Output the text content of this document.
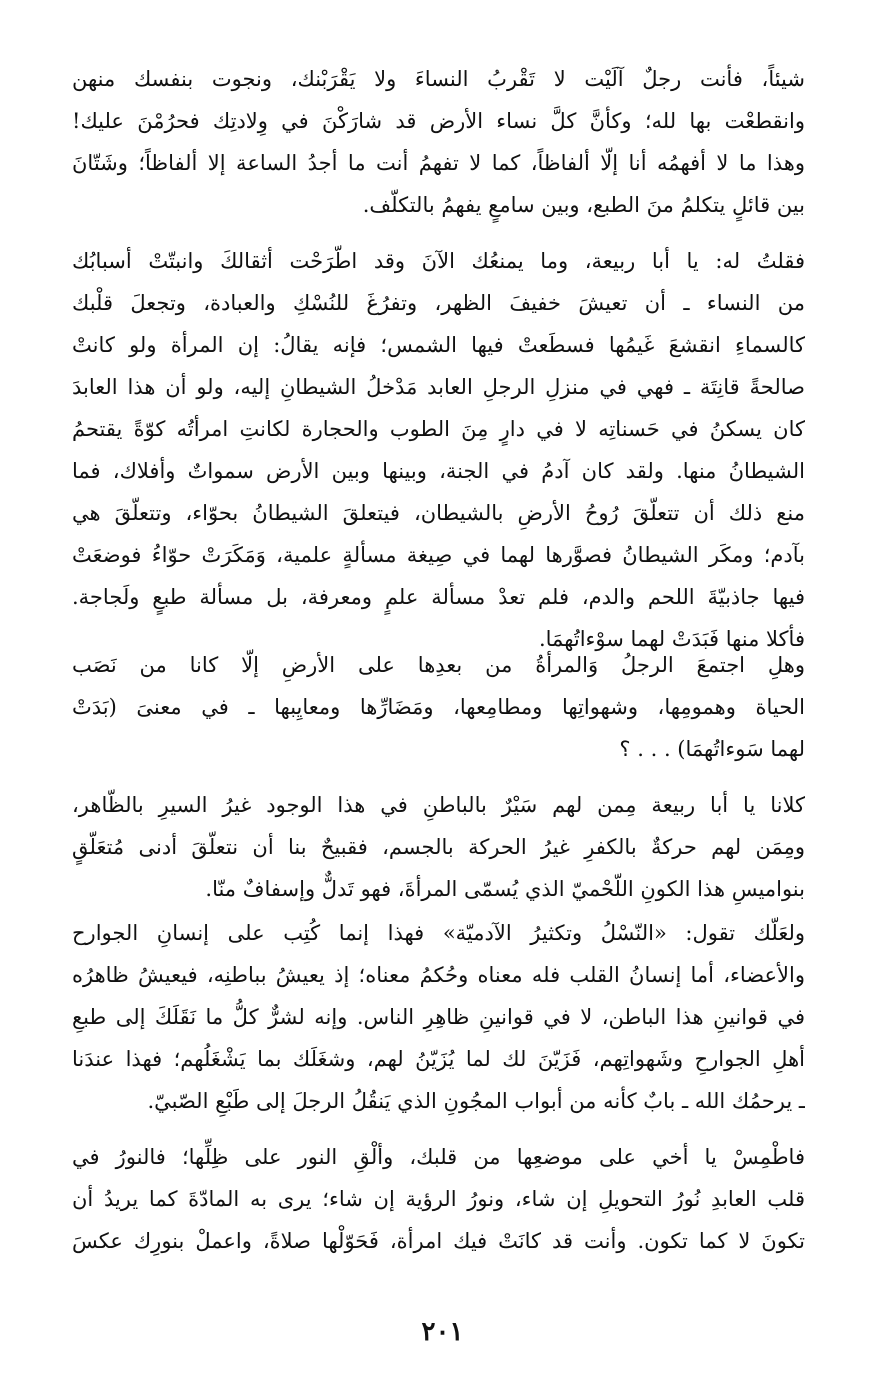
شيئاً، فأنت رجلٌ آلَيْت لا تَقْربُ النساءَ ولا يَقْرَبْنك، ونجوت بنفسك منهن
وانقطعْت بها لله؛ وكأنَّ كلَّ نساء الأرض قد شارَكْنَ في وِلادتِك فحرُمْنَ عليك!
وهذا ما لا أفهمُه أنا إلّا ألفاظاً، كما لا تفهمُ أنت ما أجدُ الساعة إلا ألفاظاً؛ وشَتّانَ
بين قائلٍ يتكلمُ منَ الطبع، وبين سامعٍ يفهمُ بالتكلّف.
فقلتُ له: يا أبا ربيعة، وما يمنعُك الآنَ وقد اطّرَحْت أثقالكَ وانبتّتْ أسبابُك
من النساء ـ أن تعيشَ خفيفَ الظهر، وتفرُغَ للنُسْكِ والعبادة، وتجعلَ قلْبك
كالسماءِ انقشعَ غَيمُها فسطَعتْ فيها الشمس؛ فإنه يقالُ: إن المرأة ولو كانتْ
صالحةً قانِتَة ـ فهي في منزلِ الرجلِ العابد مَدْخلُ الشيطانِ إليه، ولو أن هذا العابدَ
كان يسكنُ في حَسناتِه لا في دارٍ مِنَ الطوب والحجارة لكانتِ امرأتُه كوّةً يقتحمُ
الشيطانُ منها. ولقد كان آدمُ في الجنة، وبينها وبين الأرض سمواتٌ وأفلاك، فما
منع ذلك أن تتعلّقَ رُوحُ الأرضِ بالشيطان، فيتعلقَ الشيطانُ بحوّاء، وتتعلّقَ هي
بآدم؛ ومكَر الشيطانُ فصوَّرها لهما في صِيغة مسألةٍ علمية، وَمَكَرَتْ حوّاءُ فوضعَتْ
فيها جاذبيّةَ اللحم والدم، فلم تعدْ مسألة علمٍ ومعرفة، بل مسألة طبعٍ ولَجاجة.
فأكلا منها فَبَدَتْ لهما سوْءاتُهمَا.
وهلِ اجتمعَ الرجلُ وَالمرأةُ من بعدِها على الأرضِ إلّا كانا من نَصَب
الحياة وهمومِها، وشهواتِها ومطامِعها، ومَضَارِّها ومعايِبها ـ في معنىَ (بَدَتْ
لهما سَوءاتُهمَا) . . . ؟
كلانا يا أبا ربيعة مِمن لهم سَيْرٌ بالباطنِ في هذا الوجود غيرُ السيرِ بالظّاهر،
ومِمَن لهم حركةٌ بالكفرِ غيرُ الحركة بالجسم، فقبيحٌ بنا أن نتعلّقَ أدنى مُتعَلّقٍ
بنواميسِ هذا الكونِ اللّحْميّ الذي يُسمّى المرأةَ، فهو تَدلٌّ وإسفافٌ منّا.
ولعَلّك تقول: «النّسْلُ وتكثيرُ الآدميّة» فهذا إنما كُتِب على إنسانِ الجوارح
والأعضاء، أما إنسانُ القلب فله معناه وحُكمُ معناه؛ إذ يعيشُ بباطنِه، فيعيشُ ظاهرُه
في قوانينِ هذا الباطن، لا في قوانينِ ظاهِرِ الناس. وإنه لشرٌّ كلُّ ما نَقَلَكَ إلى طبعِ
أهلِ الجوارحِ وشَهواتِهم، فَزَيّنَ لك لما يُزَيّنُ لهم، وشغَلَك بما يَشْغَلُهم؛ فهذا عندَنا
ـ يرحمُك الله ـ بابٌ كأنه من أبواب المجُونِ الذي يَنقُلُ الرجلَ إلى طَبْعِ الصّبيّ.
فاطْمِسْ يا أخي على موضعِها من قلبك، وألْقِ النور على ظِلِّها؛ فالنورُ في
قلب العابدِ نُورُ التحويلِ إن شاء، ونورُ الرؤية إن شاء؛ يرى به المادّةَ كما يريدُ أن
تكونَ لا كما تكون. وأنت قد كانَتْ فيك امرأة، فَحَوّلْها صلاةً، واعملْ بنورِك عكسَ
٢٠١
